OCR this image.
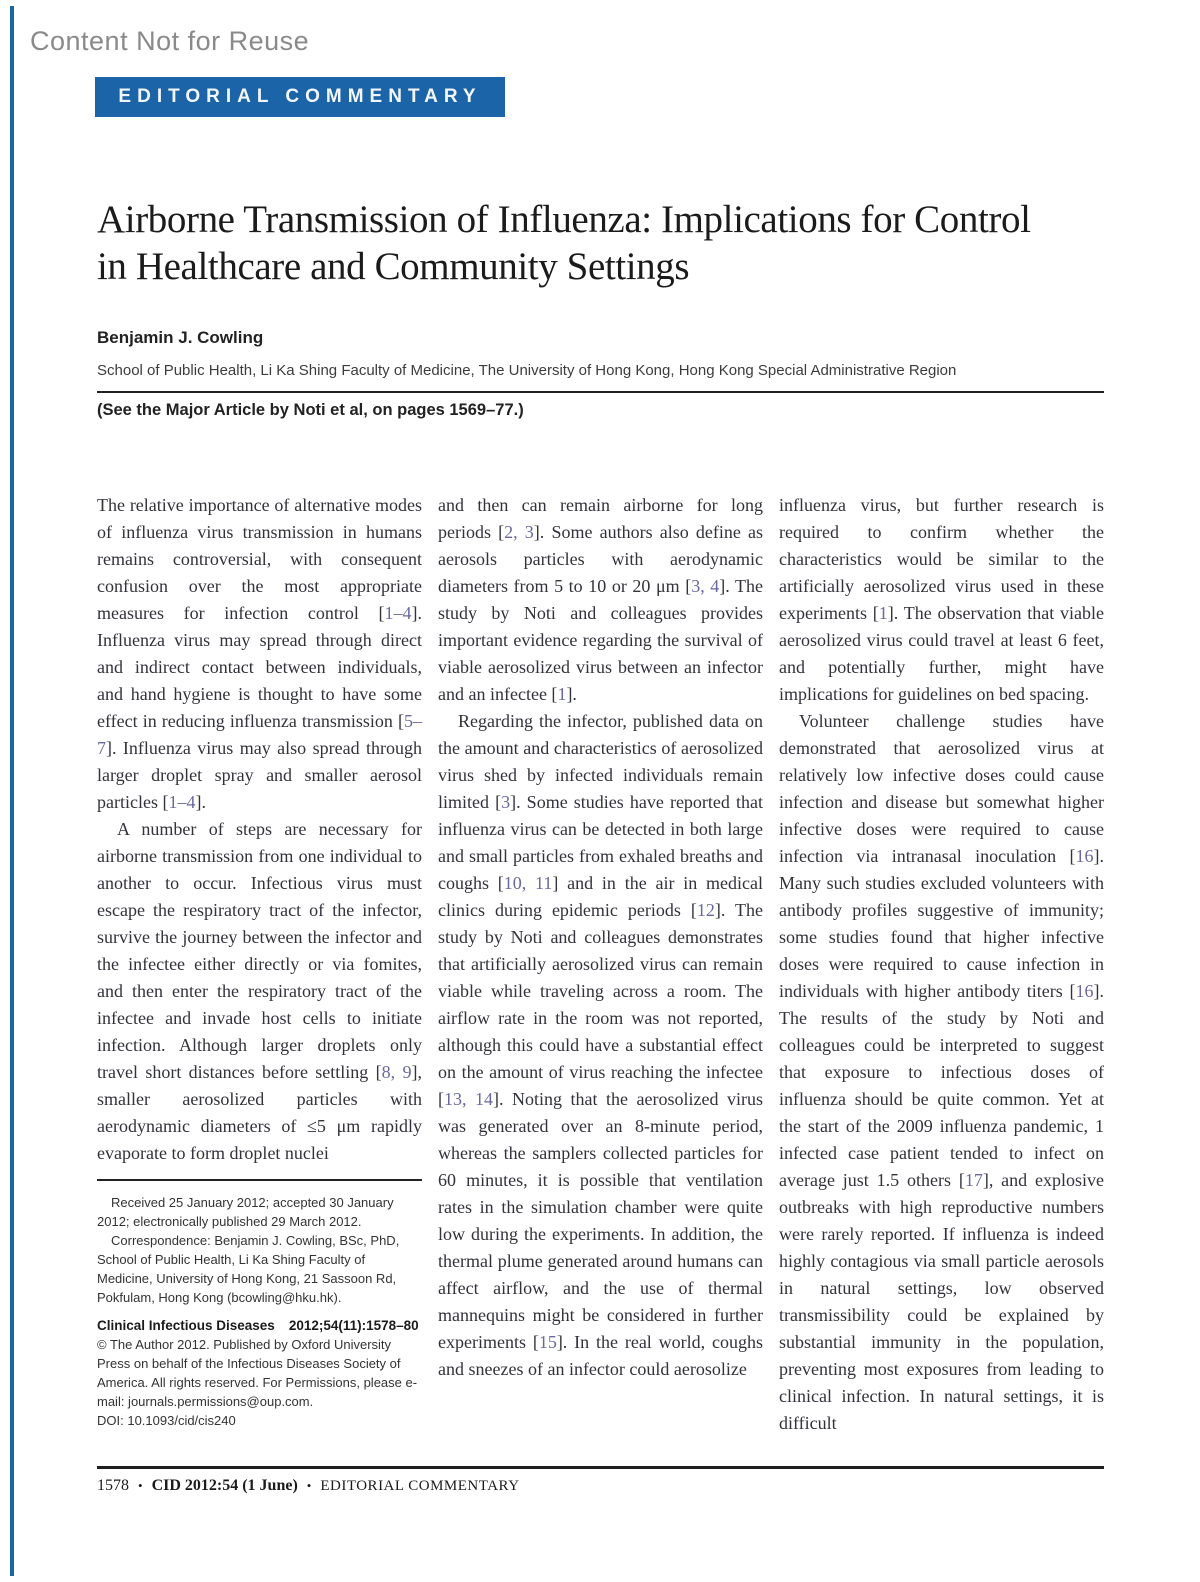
Content Not for Reuse
EDITORIAL COMMENTARY
Airborne Transmission of Influenza: Implications for Control
in Healthcare and Community Settings
Benjamin J. Cowling
School of Public Health, Li Ka Shing Faculty of Medicine, The University of Hong Kong, Hong Kong Special Administrative Region
(See the Major Article by Noti et al, on pages 1569–77.)

The relative importance of alternative modes of influenza virus transmission in humans remains controversial, with consequent confusion over the most appropriate measures for infection control [1–4]. Influenza virus may spread through direct and indirect contact between individuals, and hand hygiene is thought to have some effect in reducing influenza transmission [5–7]. Influenza virus may also spread through larger droplet spray and smaller aerosol particles [1–4].

A number of steps are necessary for airborne transmission from one individual to another to occur. Infectious virus must escape the respiratory tract of the infector, survive the journey between the infector and the infectee either directly or via fomites, and then enter the respiratory tract of the infectee and invade host cells to initiate infection. Although larger droplets only travel short distances before settling [8, 9], smaller aerosolized particles with aerodynamic diameters of ≤5 μm rapidly evaporate to form droplet nuclei

Received 25 January 2012; accepted 30 January 2012; electronically published 29 March 2012.

Correspondence: Benjamin J. Cowling, BSc, PhD, School of Public Health, Li Ka Shing Faculty of Medicine, University of Hong Kong, 21 Sassoon Rd, Pokfulam, Hong Kong (bcowling@hku.hk).

Clinical Infectious Diseases 2012;54(11):1578–80

© The Author 2012. Published by Oxford University Press on behalf of the Infectious Diseases Society of America. All rights reserved. For Permissions, please e-mail: journals.permissions@oup.com.

DOI: 10.1093/cid/cis240

and then can remain airborne for long periods [2, 3]. Some authors also define as aerosols particles with aerodynamic diameters from 5 to 10 or 20 μm [3, 4]. The study by Noti and colleagues provides important evidence regarding the survival of viable aerosolized virus between an infector and an infectee [1].

Regarding the infector, published data on the amount and characteristics of aerosolized virus shed by infected individuals remain limited [3]. Some studies have reported that influenza virus can be detected in both large and small particles from exhaled breaths and coughs [10, 11] and in the air in medical clinics during epidemic periods [12]. The study by Noti and colleagues demonstrates that artificially aerosolized virus can remain viable while traveling across a room. The airflow rate in the room was not reported, although this could have a substantial effect on the amount of virus reaching the infectee [13, 14]. Noting that the aerosolized virus was generated over an 8-minute period, whereas the samplers collected particles for 60 minutes, it is possible that ventilation rates in the simulation chamber were quite low during the experiments. In addition, the thermal plume generated around humans can affect airflow, and the use of thermal mannequins might be considered in further experiments [15]. In the real world, coughs and sneezes of an infector could aerosolize

influenza virus, but further research is required to confirm whether the characteristics would be similar to the artificially aerosolized virus used in these experiments [1]. The observation that viable aerosolized virus could travel at least 6 feet, and potentially further, might have implications for guidelines on bed spacing.

Volunteer challenge studies have demonstrated that aerosolized virus at relatively low infective doses could cause infection and disease but somewhat higher infective doses were required to cause infection via intranasal inoculation [16]. Many such studies excluded volunteers with antibody profiles suggestive of immunity; some studies found that higher infective doses were required to cause infection in individuals with higher antibody titers [16]. The results of the study by Noti and colleagues could be interpreted to suggest that exposure to infectious doses of influenza should be quite common. Yet at the start of the 2009 influenza pandemic, 1 infected case patient tended to infect on average just 1.5 others [17], and explosive outbreaks with high reproductive numbers were rarely reported. If influenza is indeed highly contagious via small particle aerosols in natural settings, low observed transmissibility could be explained by substantial immunity in the population, preventing most exposures from leading to clinical infection. In natural settings, it is difficult

1578 • CID 2012:54 (1 June) • EDITORIAL COMMENTARY
